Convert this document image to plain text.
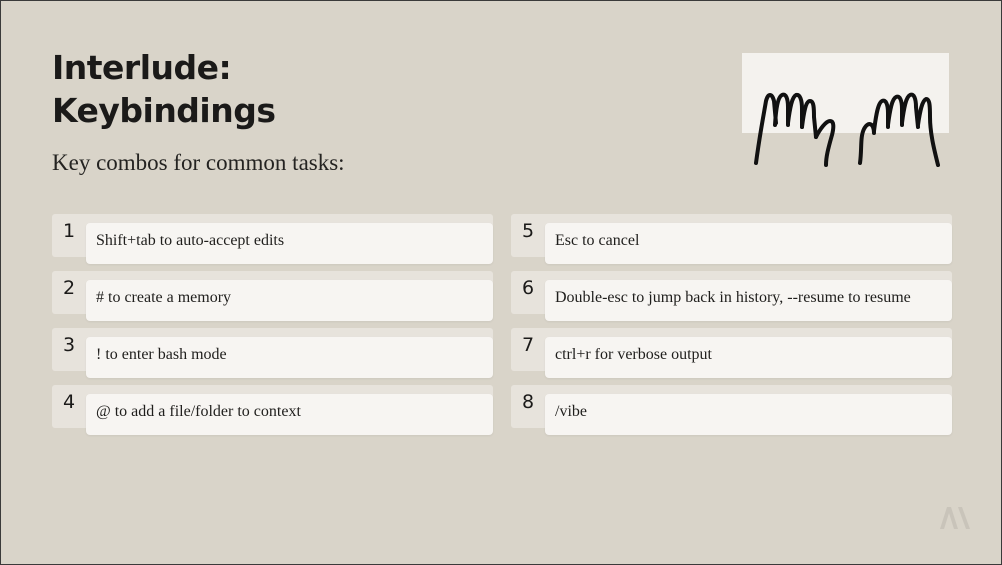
Interlude:
Keybindings
Key combos for common tasks:
1	Shift+tab to auto-accept edits
2	# to create a memory
3	! to enter bash mode
4	@ to add a file/folder to context
5	Esc to cancel
6	Double-esc to jump back in history, --resume to resume
7	ctrl+r for verbose output
8	/vibe
